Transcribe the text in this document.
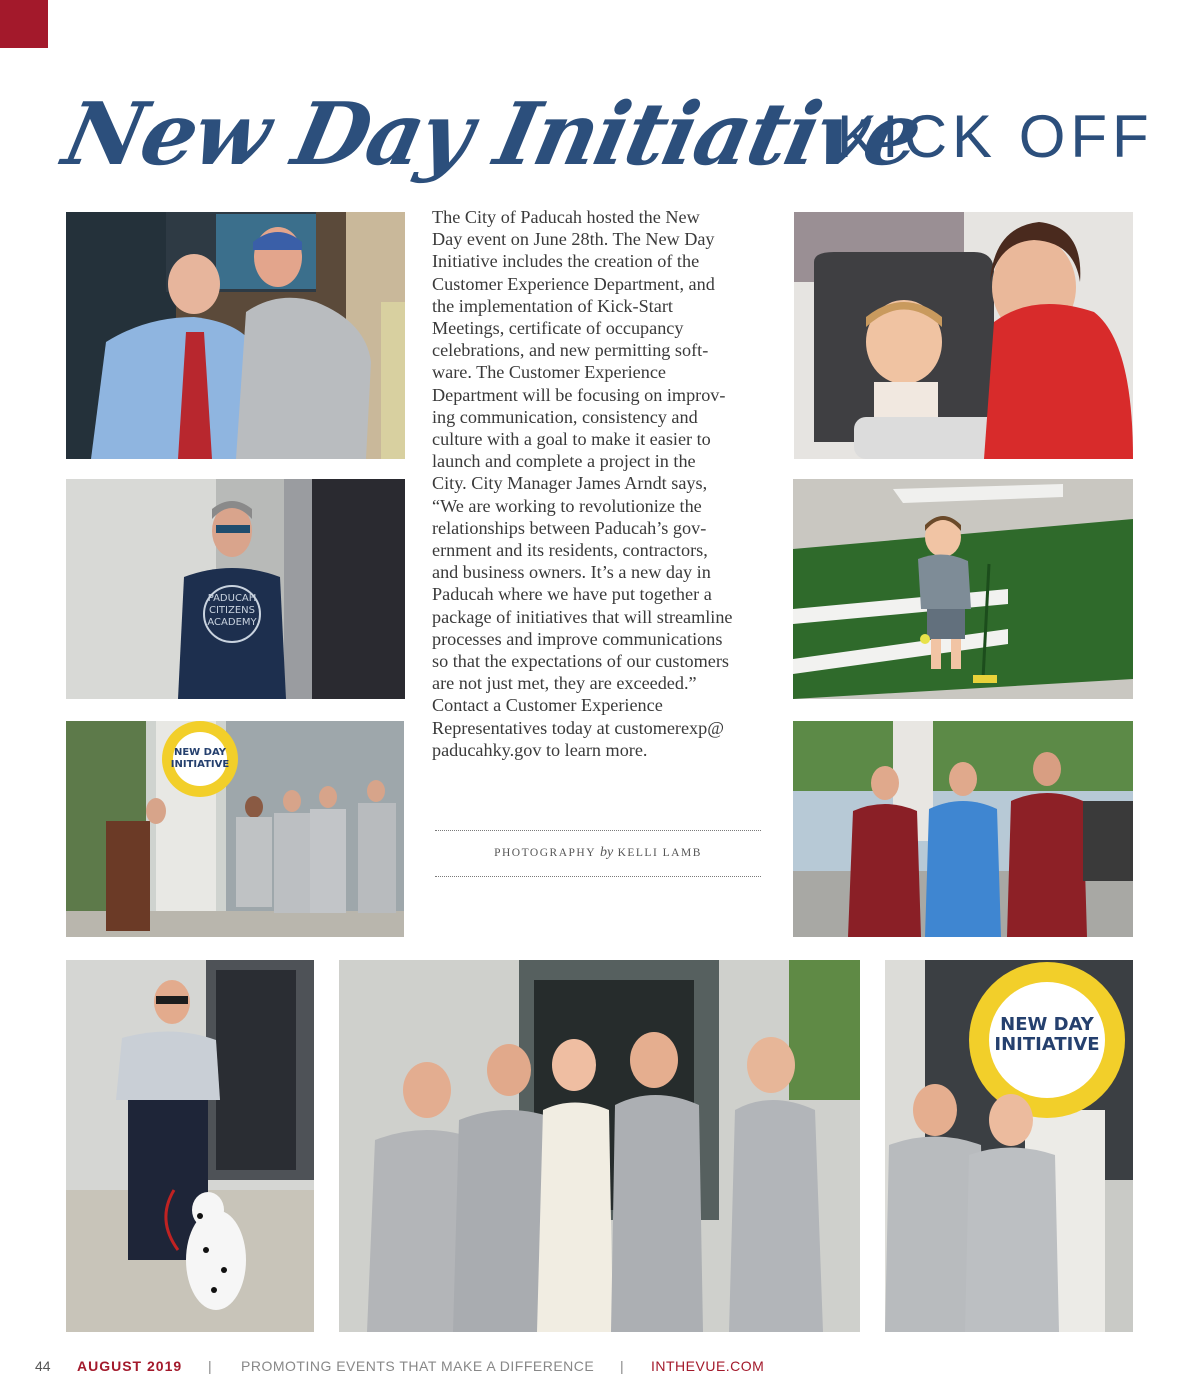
New Day Initiative
KICK OFF
PADUCAH
CITIZENS
ACADEMY
NEW DAY
INITIATIVE
NEW DAY
INITIATIVE
The City of Paducah hosted the New
Day event on June 28th. The New Day
Initiative includes the creation of the
Customer Experience Department, and
the implementation of Kick-Start
Meetings, certificate of occupancy
celebrations, and new permitting soft-
ware. The Customer Experience
Department will be focusing on improv-
ing communication, consistency and
culture with a goal to make it easier to
launch and complete a project in the
City. City Manager James Arndt says,
“We are working to revolutionize the
relationships between Paducah’s gov-
ernment and its residents, contractors,
and business owners. It’s a new day in
Paducah where we have put together a
package of initiatives that will streamline
processes and improve communications
so that the expectations of our customers
are not just met, they are exceeded.”
Contact a Customer Experience
Representatives today at customerexp@
paducahky.gov to learn more.
PHOTOGRAPHY by KELLI LAMB
44 AUGUST 2019 | PROMOTING EVENTS THAT MAKE A DIFFERENCE | INTHEVUE.COM
